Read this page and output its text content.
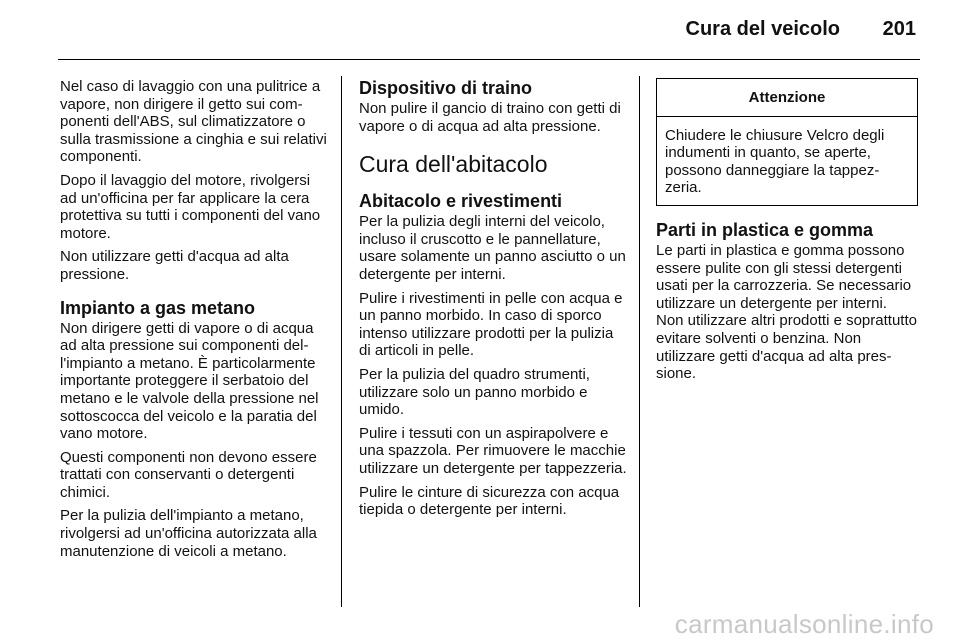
Cura del veicolo 201

Nel caso di lavaggio con una pulitrice a vapore, non dirigere il getto sui componenti dell'ABS, sul climatizzatore o sulla trasmissione a cinghia e sui relativi componenti.

Dopo il lavaggio del motore, rivolgersi ad un'officina per far applicare la cera protettiva su tutti i componenti del vano motore.

Non utilizzare getti d'acqua ad alta pressione.

Impianto a gas metano

Non dirigere getti di vapore o di acqua ad alta pressione sui componenti dell'impianto a metano. È particolarmente importante proteggere il serbatoio del metano e le valvole della pressione nel sottoscocca del veicolo e la paratia del vano motore.

Questi componenti non devono essere trattati con conservanti o detergenti chimici.

Per la pulizia dell'impianto a metano, rivolgersi ad un'officina autorizzata alla manutenzione di veicoli a metano.

Dispositivo di traino

Non pulire il gancio di traino con getti di vapore o di acqua ad alta pressione.

Cura dell'abitacolo
Abitacolo e rivestimenti

Per la pulizia degli interni del veicolo, incluso il cruscotto e le pannellature, usare solamente un panno asciutto o un detergente per interni.

Pulire i rivestimenti in pelle con acqua e un panno morbido. In caso di sporco intenso utilizzare prodotti per la pulizia di articoli in pelle.

Per la pulizia del quadro strumenti, utilizzare solo un panno morbido e umido.

Pulire i tessuti con un aspirapolvere e una spazzola. Per rimuovere le macchie utilizzare un detergente per tappezzeria.

Pulire le cinture di sicurezza con acqua tiepida o detergente per interni.

Attenzione
Chiudere le chiusure Velcro degli indumenti in quanto, se aperte, possono danneggiare la tappezzeria.
Parti in plastica e gomma

Le parti in plastica e gomma possono essere pulite con gli stessi detergenti usati per la carrozzeria. Se necessario utilizzare un detergente per interni. Non utilizzare altri prodotti e soprattutto evitare solventi o benzina. Non utilizzare getti d'acqua ad alta pressione.

carmanualsonline.info
